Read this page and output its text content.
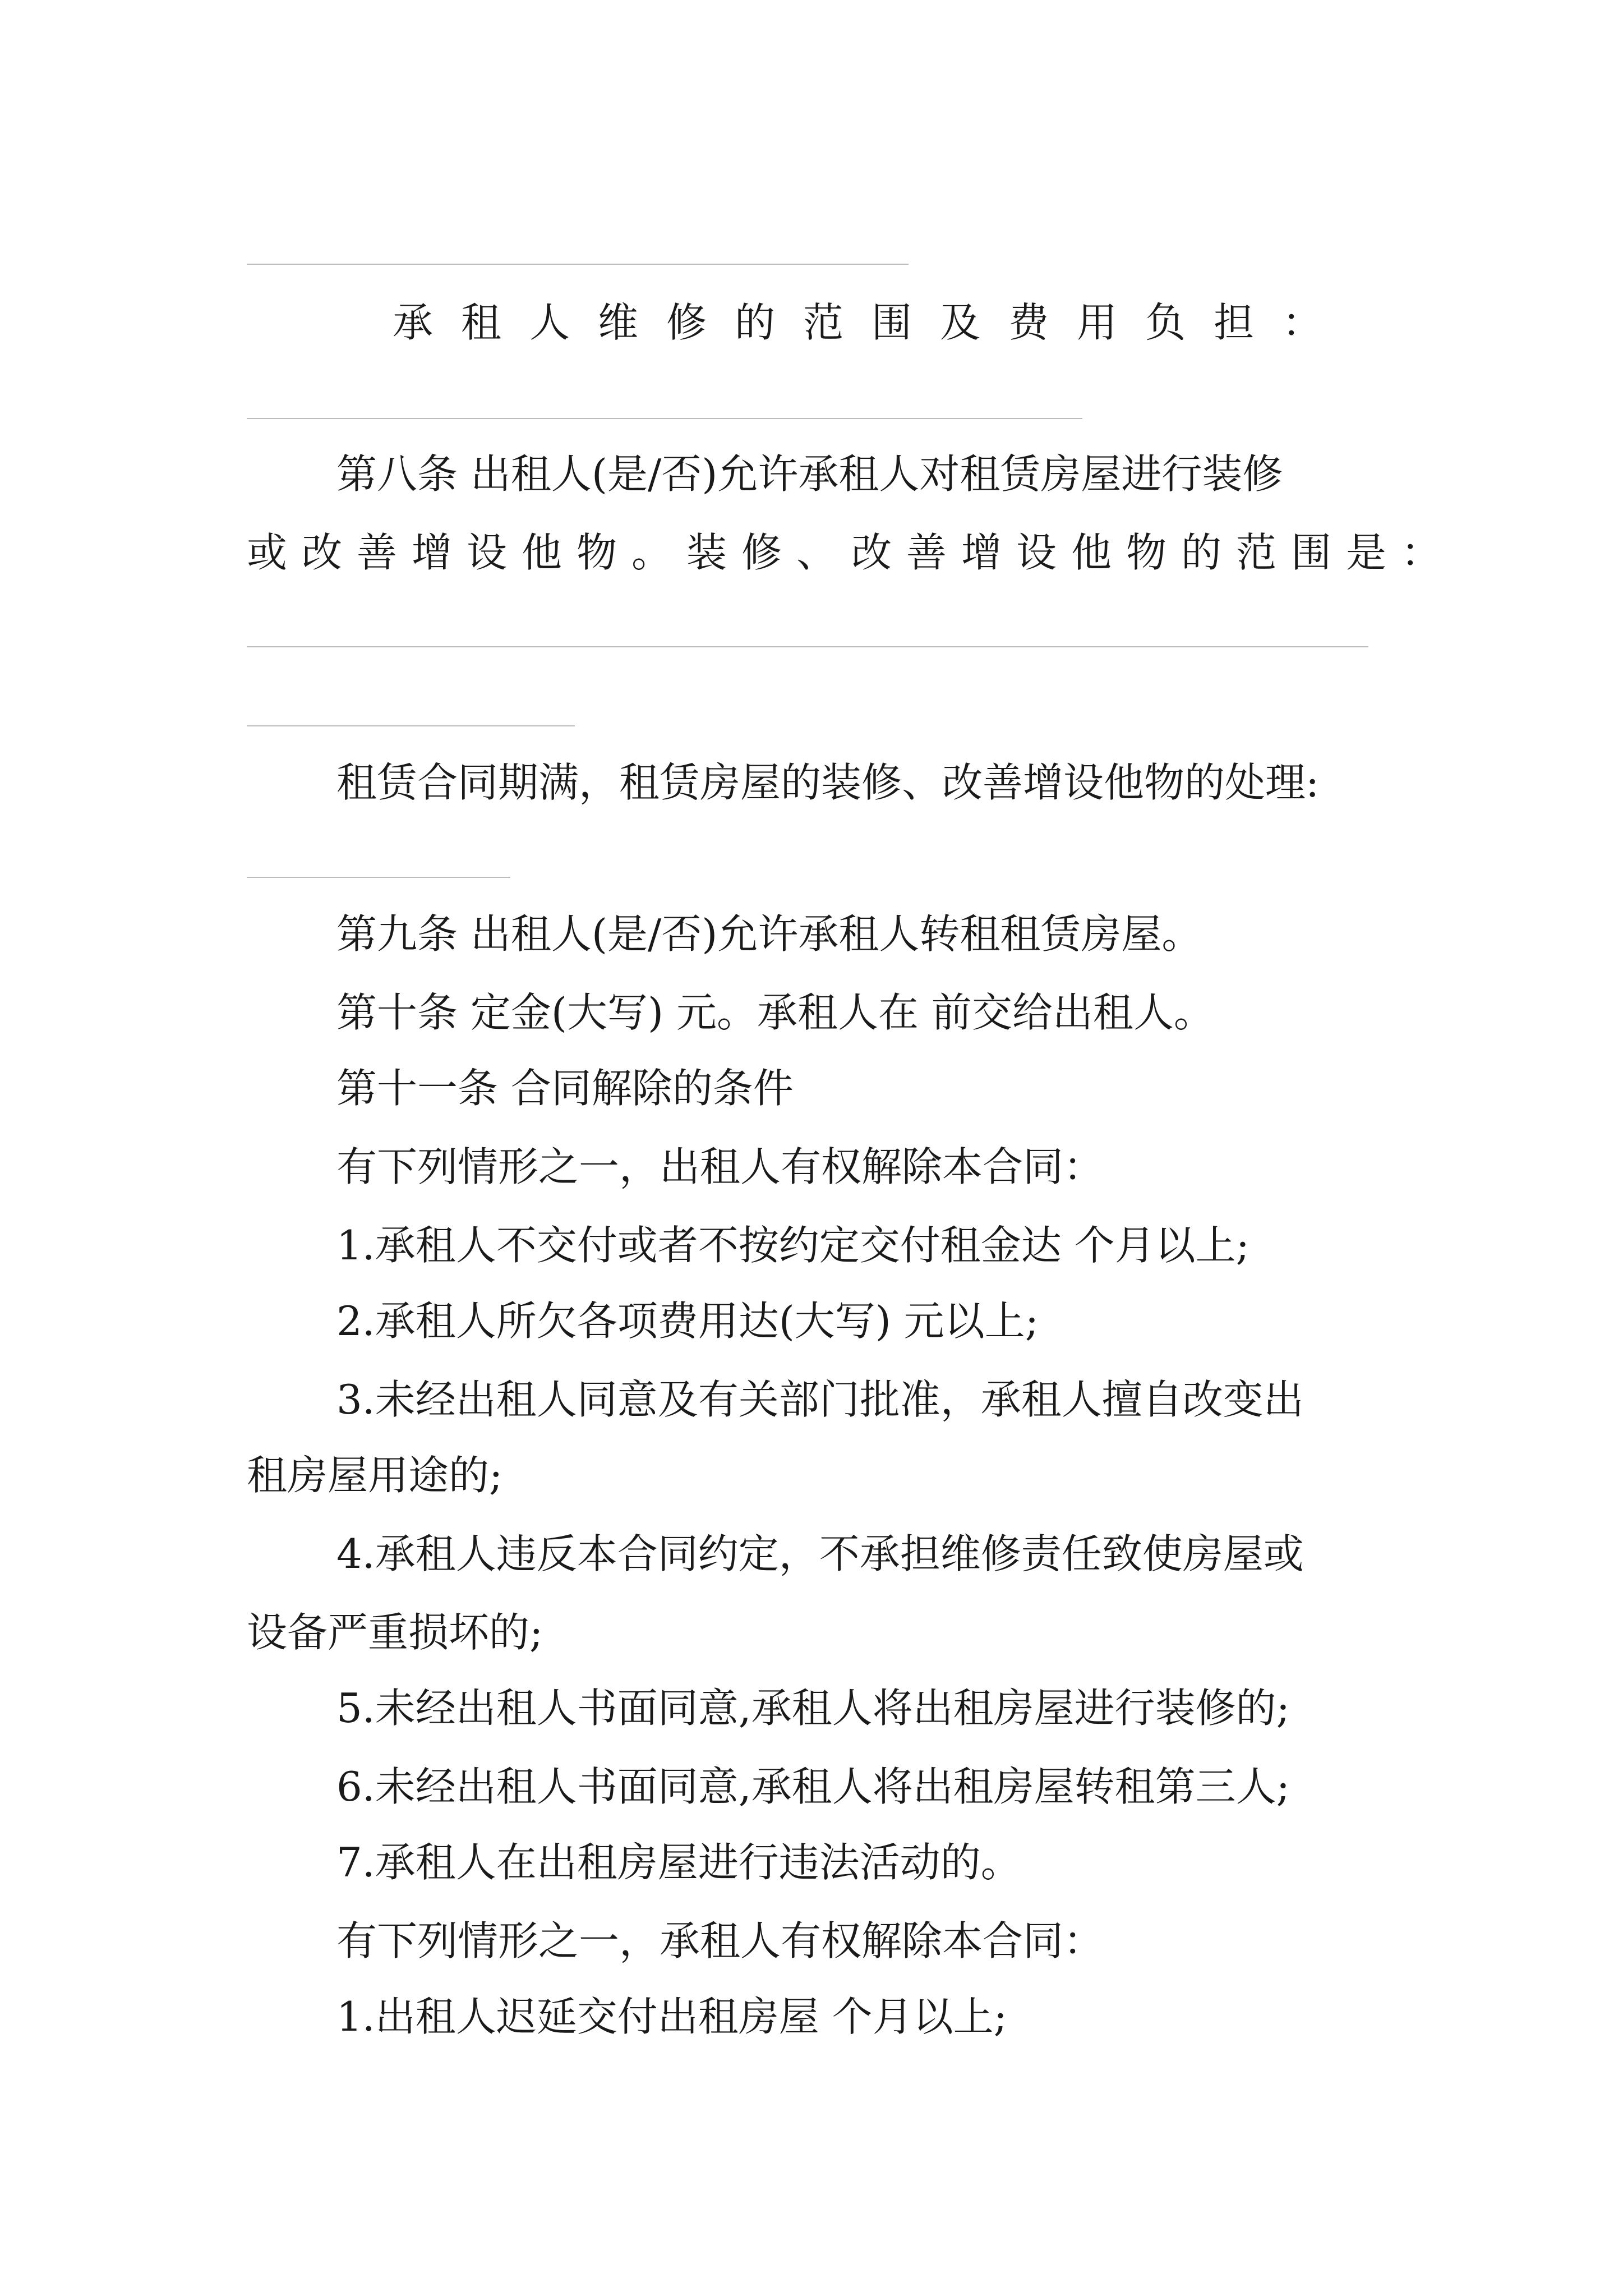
承租人维修的范围及费用负担：
第八条 出租人(是/否)允许承租人对租赁房屋进行装修
或改善增设他物。装修、改善增设他物的范围是：
租赁合同期满，租赁房屋的装修、改善增设他物的处理:
第九条 出租人(是/否)允许承租人转租租赁房屋。
第十条 定金(大写) 元。承租人在 前交给出租人。
第十一条 合同解除的条件
有下列情形之一，出租人有权解除本合同：
1.承租人不交付或者不按约定交付租金达 个月以上;
2.承租人所欠各项费用达(大写) 元以上;
3.未经出租人同意及有关部门批准，承租人擅自改变出
租房屋用途的;
4.承租人违反本合同约定，不承担维修责任致使房屋或
设备严重损坏的;
5.未经出租人书面同意,承租人将出租房屋进行装修的;
6.未经出租人书面同意,承租人将出租房屋转租第三人;
7.承租人在出租房屋进行违法活动的。
有下列情形之一，承租人有权解除本合同：
1.出租人迟延交付出租房屋 个月以上;
